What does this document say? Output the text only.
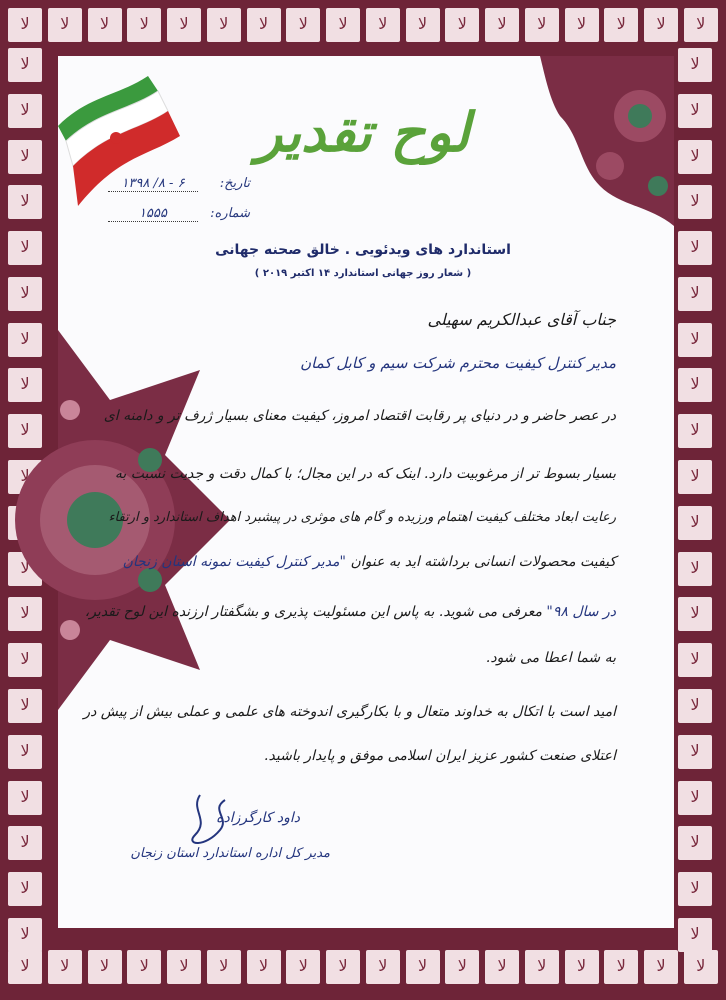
ﻻ
ﻻ
ﻻ
ﻻ
ﻻ
ﻻ
ﻻ
ﻻ
ﻻ
ﻻ
ﻻ
ﻻ
ﻻ
ﻻ
ﻻ
ﻻ
ﻻ
ﻻ
ﻻ
ﻻ
ﻻ
ﻻ
ﻻ
ﻻ
ﻻ
ﻻ
ﻻ
ﻻ
ﻻ
ﻻ
ﻻ
ﻻ
ﻻ
ﻻ
ﻻ
ﻻ
ﻻ
ﻻ
ﻻ
ﻻ
ﻻ
ﻻ
ﻻ
ﻻ
ﻻ
ﻻ
ﻻ
ﻻ
ﻻ
ﻻ
ﻻ
ﻻ
ﻻ
ﻻ
ﻻ
ﻻ
ﻻ
ﻻ
ﻻ
ﻻ
ﻻ
ﻻ
ﻻ
ﻻ
ﻻ
ﻻ
ﻻ
ﻻ
ﻻ
ﻻ
ﻻ
ﻻ
ﻻ
ﻻ
ﻻ
ﻻ
لوح تقدیر
تاریخ:
۶ - ۸/ ۱۳۹۸
شماره:
۱۵۵۵
استاندارد های ویدئویی . خالق صحنه جهانی
( شعار روز جهانی استاندارد ۱۴ اکتبر ۲۰۱۹ )
جناب آقای عبدالکریم سهیلی
مدیر کنترل کیفیت محترم شرکت سیم و کابل کمان
در عصر حاضر و در دنیای پر رقابت اقتصاد امروز، کیفیت معنای بسیار ژرف تر و دامنه ای
بسیار بسوط تر از مرغوبیت دارد. اینک که در این مجال؛ با کمال دقت و جدیت نسبت به
رعایت ابعاد مختلف کیفیت اهتمام ورزیده و گام های موثری در پیشبرد اهداف استاندارد و ارتقاء
کیفیت محصولات انسانی برداشته اید به عنوان "مدیر کنترل کیفیت نمونه استان زنجان
در سال ۹۸" معرفی می شوید. به پاس این مسئولیت پذیری و بشگفتار ارزنده این لوح تقدیر،
به شما اعطا می شود.
امید است با اتکال به خداوند متعال و با بکارگیری اندوخته های علمی و عملی بیش از پیش در
اعتلای صنعت کشور عزیز ایران اسلامی موفق و پایدار باشید.
داود کارگرزاده
مدیر کل اداره استاندارد استان زنجان
